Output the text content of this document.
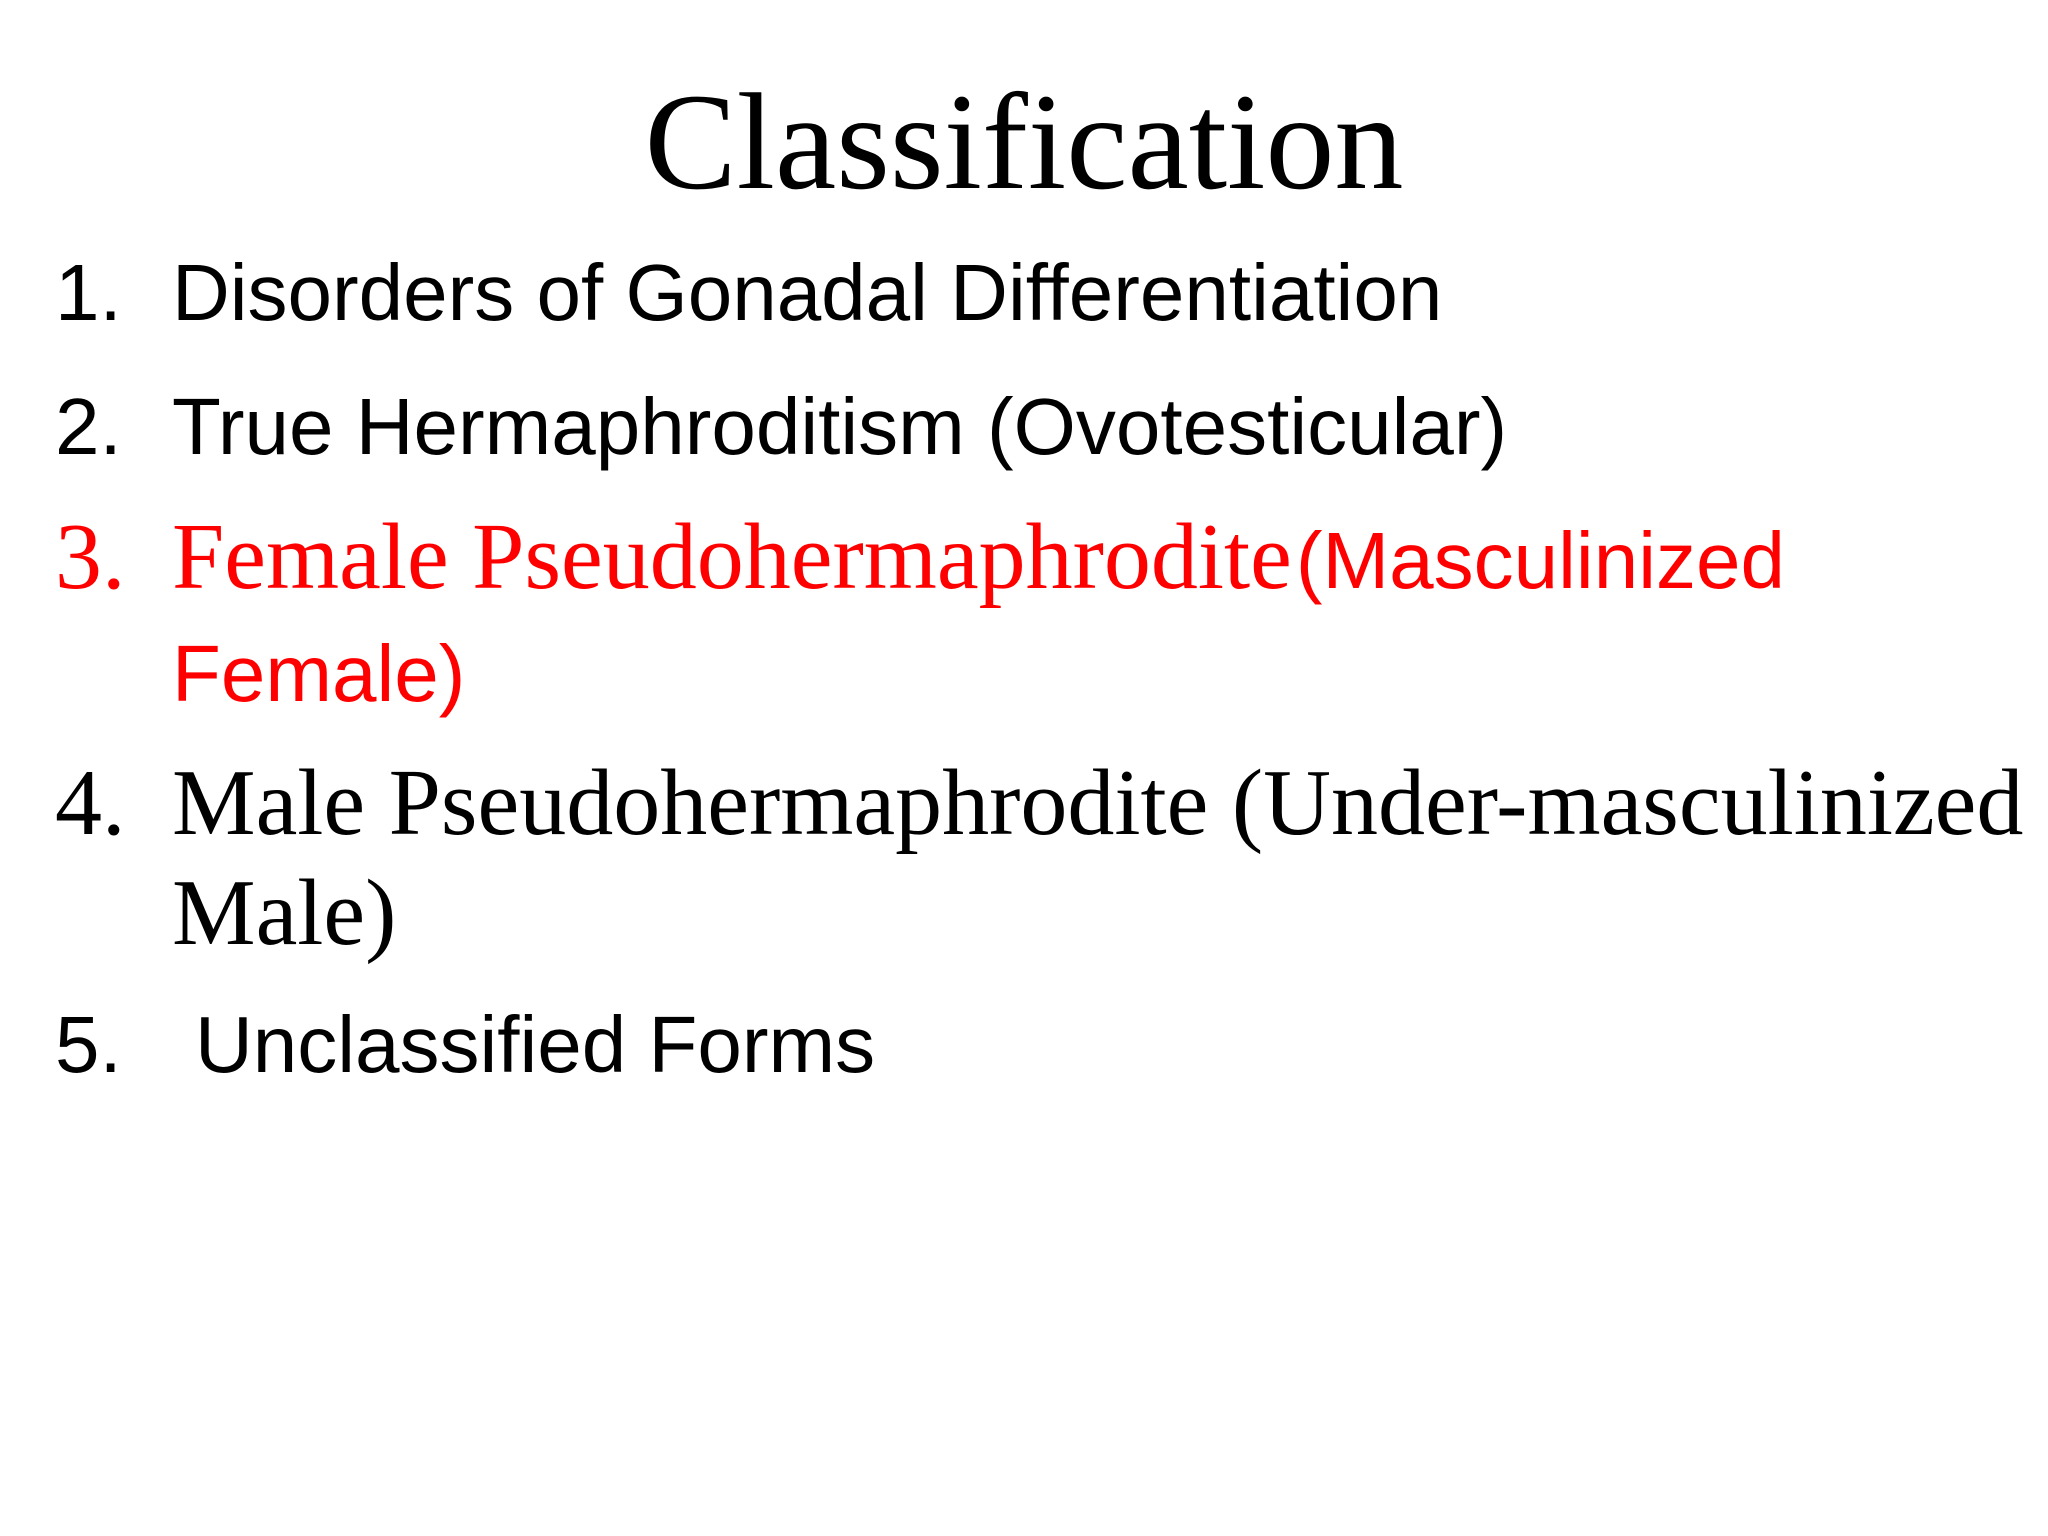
Classification
1. Disorders of Gonadal Differentiation
2. True Hermaphroditism (Ovotesticular)
3. Female Pseudohermaphrodite (Masculinized
Female)
4. Male Pseudohermaphrodite (Under-masculinized
Male)
5. Unclassified Forms
